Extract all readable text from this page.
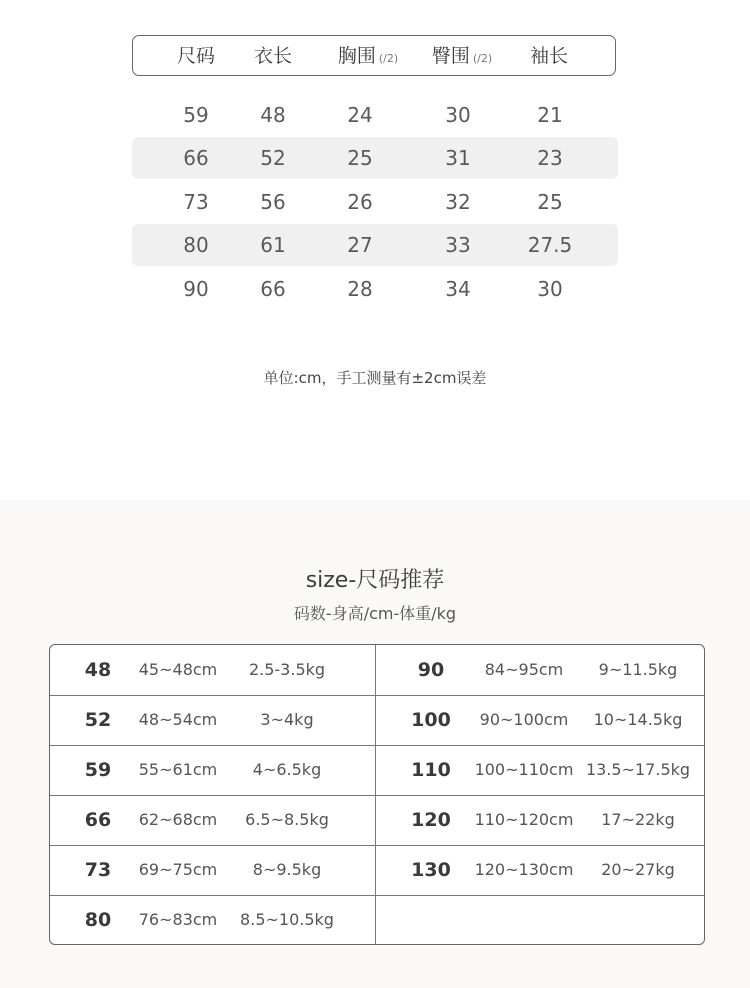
尺码 衣长 胸围 (/2) 臀围 (/2) 袖长
59	48	24	30	21
66	52	25	31	23
73	56	26	32	25
80	61	27	33	27.5
90	66	28	34	30
单位:cm，手工测量有±2cm误差
size-尺码推荐
码数-身高/cm-体重/kg
48 45~48cm 2.5-3.5kg	90	84~95cm 9~11.5kg
52 48~54cm	3~4kg	100 90~100cm 10~14.5kg
59 55~61cm 4~6.5kg	110 100~110cm 13.5~17.5kg
66 62~68cm 6.5~8.5kg	120 110~120cm 17~22kg
73 69~75cm 8~9.5kg	130 120~130cm 20~27kg
80 76~83cm 8.5~10.5kg
